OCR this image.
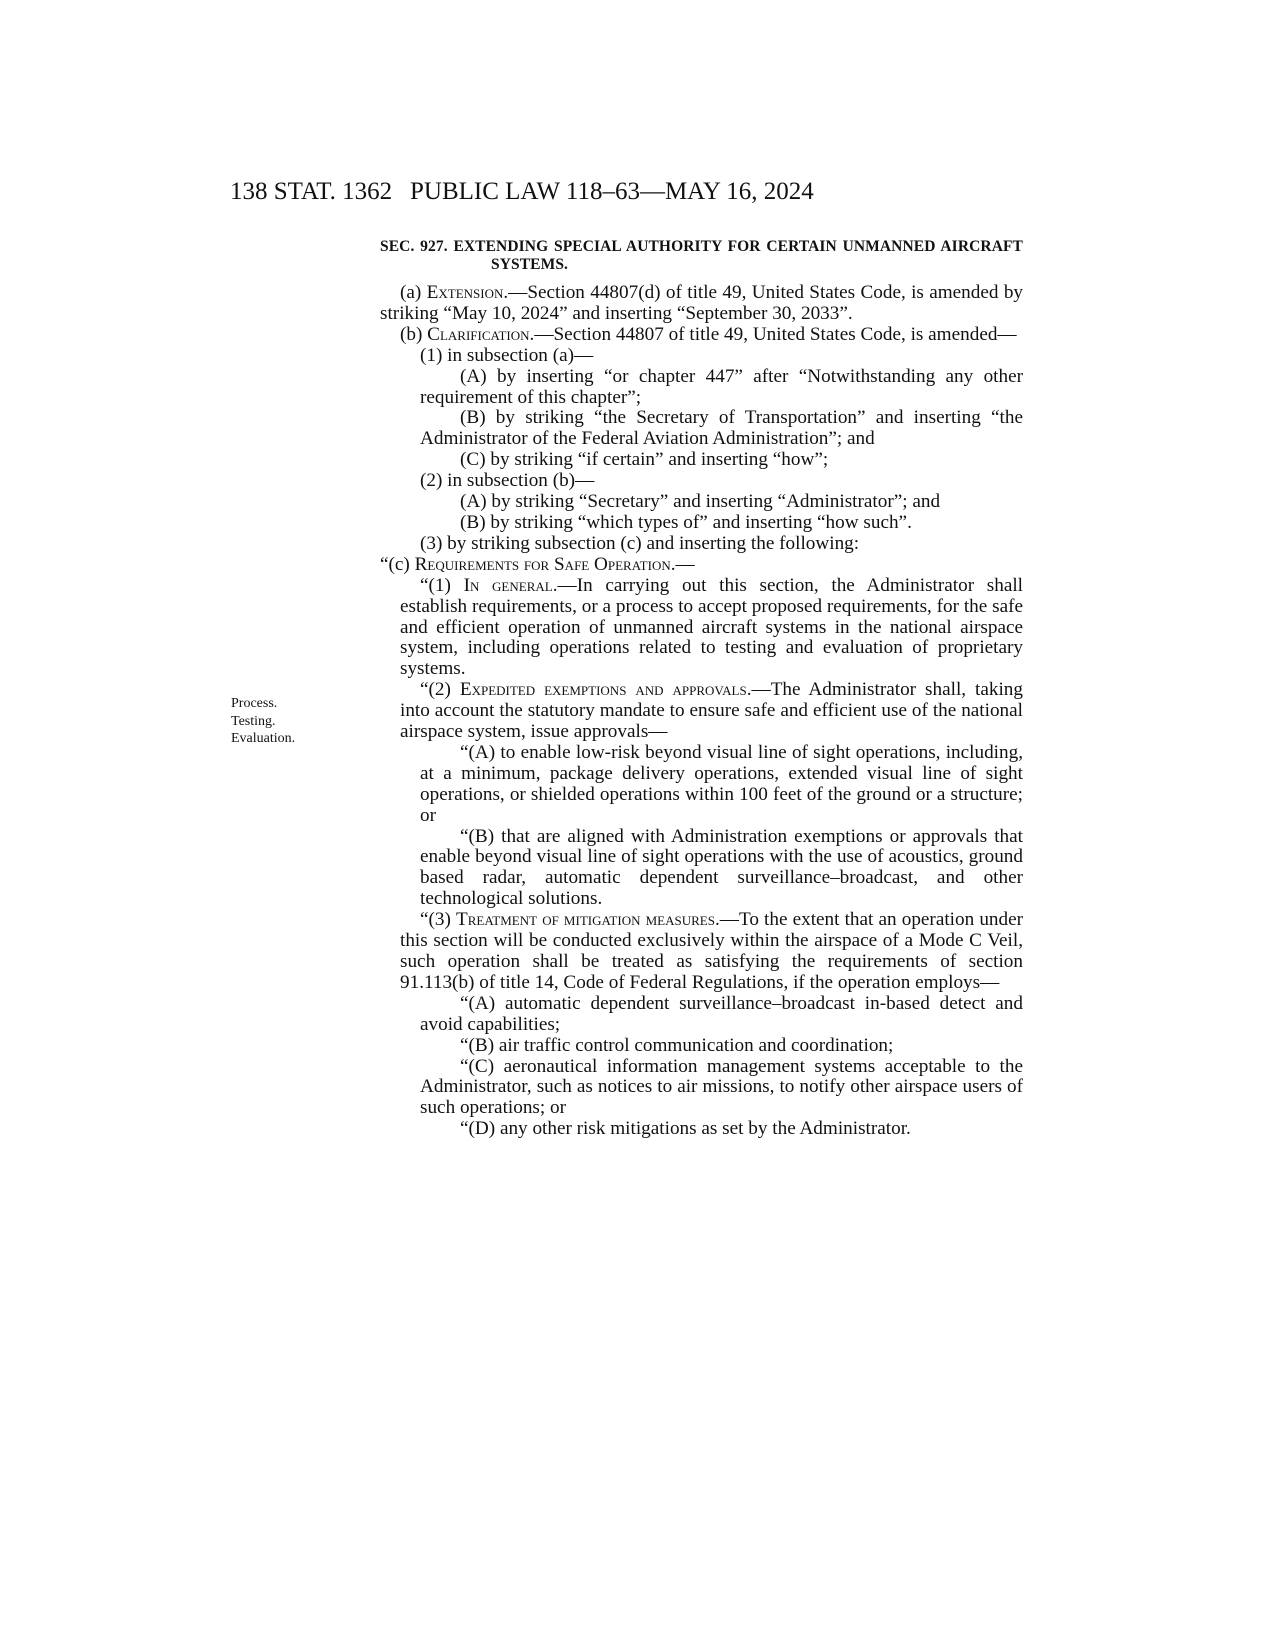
138 STAT. 1362 PUBLIC LAW 118–63—MAY 16, 2024
Process.
Testing.
Evaluation.

SEC. 927. EXTENDING SPECIAL AUTHORITY FOR CERTAIN UNMANNED AIRCRAFT SYSTEMS.

(a) Extension.—Section 44807(d) of title 49, United States Code, is amended by striking “May 10, 2024” and inserting “September 30, 2033”.

(b) Clarification.—Section 44807 of title 49, United States Code, is amended—

(1) in subsection (a)—

(A) by inserting “or chapter 447” after “Notwithstanding any other requirement of this chapter”;

(B) by striking “the Secretary of Transportation” and inserting “the Administrator of the Federal Aviation Administration”; and

(C) by striking “if certain” and inserting “how”;

(2) in subsection (b)—

(A) by striking “Secretary” and inserting “Administrator”; and

(B) by striking “which types of” and inserting “how such”.

(3) by striking subsection (c) and inserting the following:

“(c) Requirements for Safe Operation.—

“(1) In general.—In carrying out this section, the Administrator shall establish requirements, or a process to accept proposed requirements, for the safe and efficient operation of unmanned aircraft systems in the national airspace system, including operations related to testing and evaluation of proprietary systems.

“(2) Expedited exemptions and approvals.—The Administrator shall, taking into account the statutory mandate to ensure safe and efficient use of the national airspace system, issue approvals—

“(A) to enable low-risk beyond visual line of sight operations, including, at a minimum, package delivery operations, extended visual line of sight operations, or shielded operations within 100 feet of the ground or a structure; or

“(B) that are aligned with Administration exemptions or approvals that enable beyond visual line of sight operations with the use of acoustics, ground based radar, automatic dependent surveillance–broadcast, and other technological solutions.

“(3) Treatment of mitigation measures.—To the extent that an operation under this section will be conducted exclusively within the airspace of a Mode C Veil, such operation shall be treated as satisfying the requirements of section 91.113(b) of title 14, Code of Federal Regulations, if the operation employs—

“(A) automatic dependent surveillance–broadcast in-based detect and avoid capabilities;

“(B) air traffic control communication and coordination;

“(C) aeronautical information management systems acceptable to the Administrator, such as notices to air missions, to notify other airspace users of such operations; or

“(D) any other risk mitigations as set by the Administrator.
